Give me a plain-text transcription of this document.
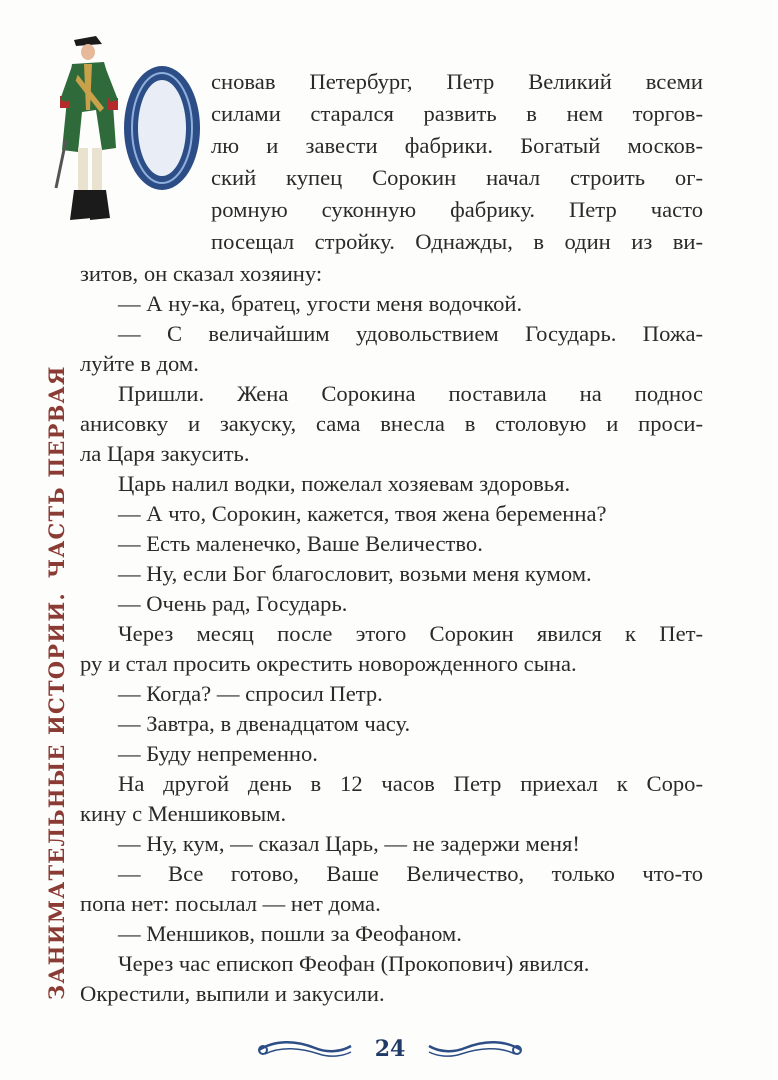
ЗАНИМАТЕЛЬНЫЕ ИСТОРИИ.ЧАСТЬ ПЕРВАЯ
сновав Петербург, Петр Великий всеми
силами старался развить в нем торгов-
лю и завести фабрики. Богатый москов-
ский купец Сорокин начал строить ог-
ромную суконную фабрику. Петр часто
посещал стройку. Однажды, в один из ви-
зитов, он сказал хозяину:
— А ну-ка, братец, угости меня водочкой.
— С величайшим удовольствием Государь. Пожа-
луйте в дом.
Пришли. Жена Сорокина поставила на поднос
анисовку и закуску, сама внесла в столовую и проси-
ла Царя закусить.
Царь налил водки, пожелал хозяевам здоровья.
— А что, Сорокин, кажется, твоя жена беременна?
— Есть маленечко, Ваше Величество.
— Ну, если Бог благословит, возьми меня кумом.
— Очень рад, Государь.
Через месяц после этого Сорокин явился к Пет-
ру и стал просить окрестить новорожденного сына.
— Когда? — спросил Петр.
— Завтра, в двенадцатом часу.
— Буду непременно.
На другой день в 12 часов Петр приехал к Соро-
кину с Меншиковым.
— Ну, кум, — сказал Царь, — не задержи меня!
— Все готово, Ваше Величество, только что-то
попа нет: посылал — нет дома.
— Меншиков, пошли за Феофаном.
Через час епископ Феофан (Прокопович) явился.
Окрестили, выпили и закусили.
24
